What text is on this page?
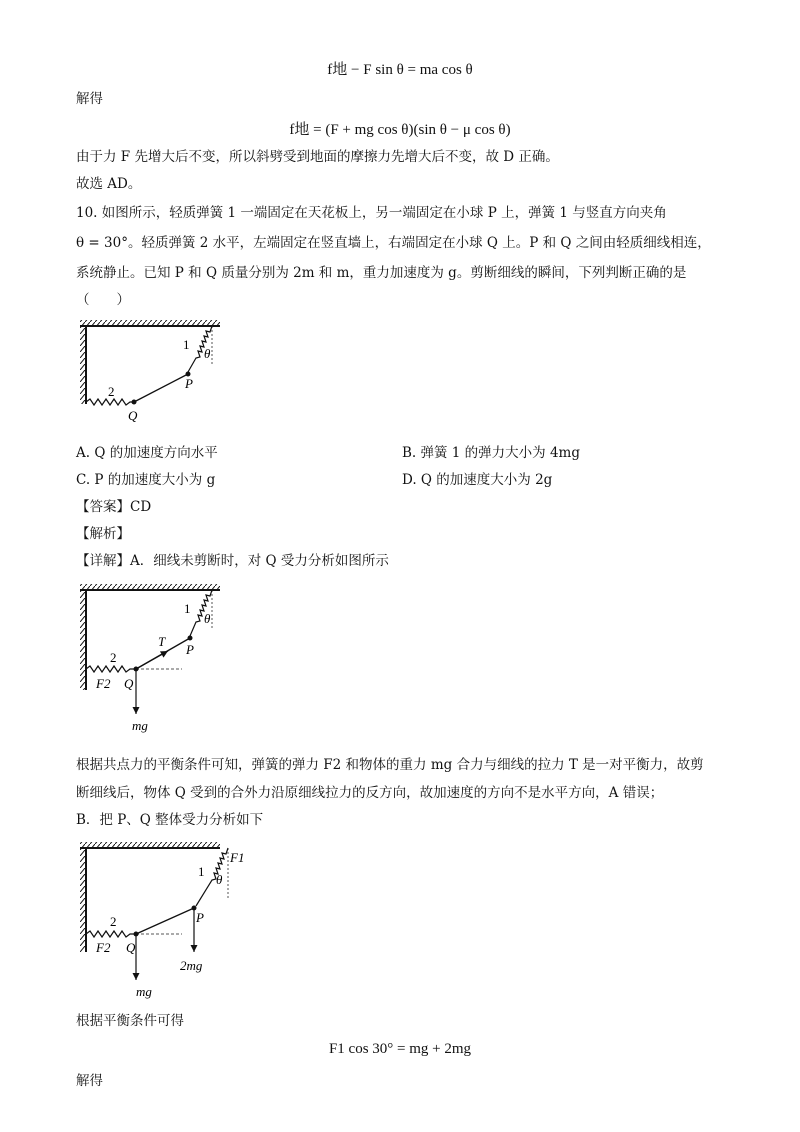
f地 − F sin θ = ma cos θ
解得
f地 = (F + mg cos θ)(sin θ − μ cos θ)
由于力 F 先增大后不变，所以斜劈受到地面的摩擦力先增大后不变，故 D 正确。
故选 AD。
10. 如图所示，轻质弹簧 1 一端固定在天花板上，另一端固定在小球 P 上，弹簧 1 与竖直方向夹角
θ = 30°。轻质弹簧 2 水平，左端固定在竖直墙上，右端固定在小球 Q 上。P 和 Q 之间由轻质细线相连，
系统静止。已知 P 和 Q 质量分别为 2m 和 m，重力加速度为 g。剪断细线的瞬间，下列判断正确的是
（　　）
1
θ
P
2
Q
A. Q 的加速度方向水平	B. 弹簧 1 的弹力大小为 4mg
C. P 的加速度大小为 g	D. Q 的加速度大小为 2g
【答案】CD
【解析】
【详解】A．细线未剪断时，对 Q 受力分析如图所示
1
θ
T
P
2
F2 Q
mg
根据共点力的平衡条件可知，弹簧的弹力 F2 和物体的重力 mg 合力与细线的拉力 T 是一对平衡力，故剪
断细线后，物体 Q 受到的合外力沿原细线拉力的反方向，故加速度的方向不是水平方向，A 错误；
B．把 P、Q 整体受力分析如下
F1
1
θ
P
2
F2 Q
2mg
mg
根据平衡条件可得
F1 cos 30° = mg + 2mg
解得
